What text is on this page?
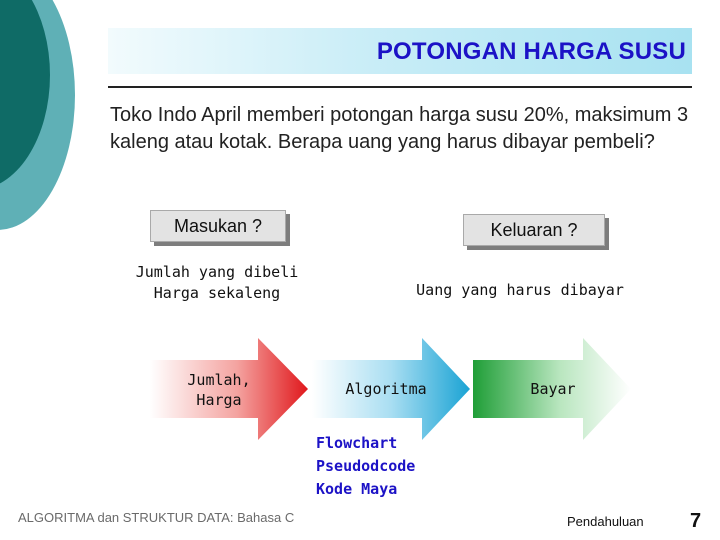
POTONGAN HARGA SUSU
Toko Indo April memberi potongan harga susu 20%, maksimum 3 kaleng atau kotak. Berapa uang yang harus dibayar pembeli?
Masukan ?	Keluaran ?
Jumlah yang dibeli
Harga sekaleng	Uang yang harus dibayar
Jumlah,
Harga
Algoritma	Bayar
Flowchart
Pseudodcode
Kode Maya
ALGORITMA dan STRUKTUR DATA: Bahasa C	Pendahuluan 7
